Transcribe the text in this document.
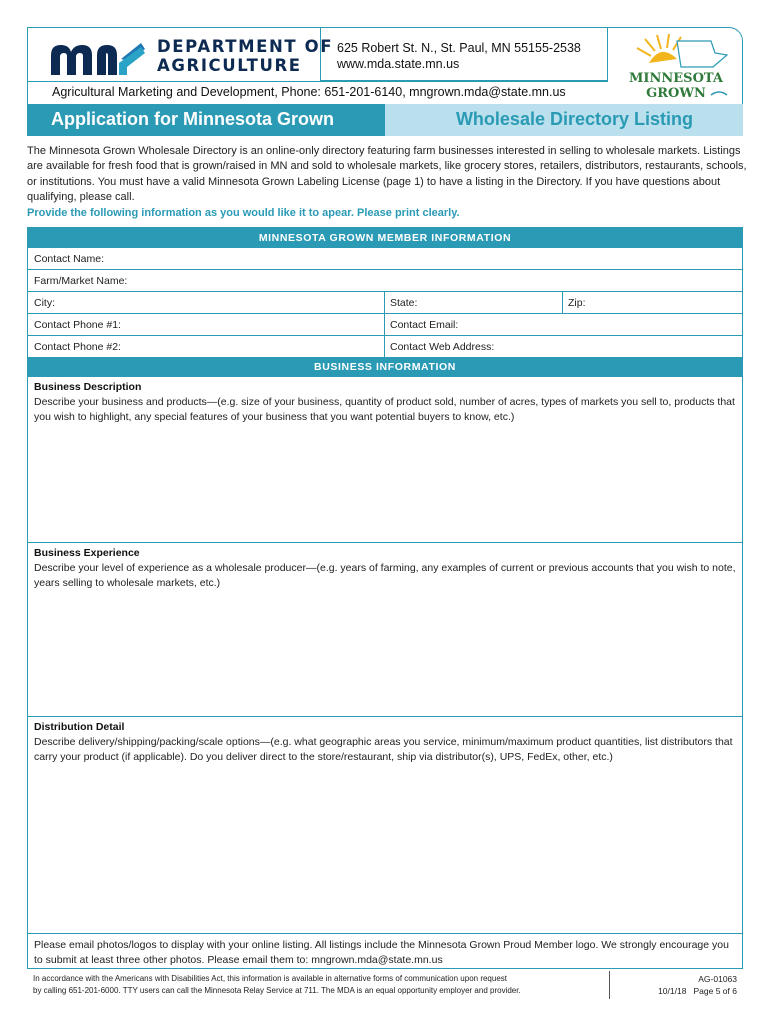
DEPARTMENT OF
AGRICULTURE
625 Robert St. N., St. Paul, MN 55155-2538
www.mda.state.mn.us
Agricultural Marketing and Development, Phone: 651-201-6140, mngrown.mda@state.mn.us
MINNESOTA
GROWN
Application for Minnesota Grown	Wholesale Directory Listing
The Minnesota Grown Wholesale Directory is an online-only directory featuring farm businesses interested in selling to wholesale markets. Listings are available for fresh food that is grown/raised in MN and sold to wholesale markets, like grocery stores, retailers, distributors, restaurants, schools, or institutions. You must have a valid Minnesota Grown Labeling License (page 1) to have a listing in the Directory. If you have questions about qualifying, please call.
Provide the following information as you would like it to apear. Please print clearly.
MINNESOTA GROWN MEMBER INFORMATION
Contact Name:
Farm/Market Name:
City:	State:	Zip:
Contact Phone #1:	Contact Email:
Contact Phone #2:	Contact Web Address:
BUSINESS INFORMATION
Business Description
Describe your business and products—(e.g. size of your business, quantity of product sold, number of acres, types of markets you sell to, products that you wish to highlight, any special features of your business that you want potential buyers to know, etc.)
Business Experience
Describe your level of experience as a wholesale producer—(e.g. years of farming, any examples of current or previous accounts that you wish to note, years selling to wholesale markets, etc.)
Distribution Detail
Describe delivery/shipping/packing/scale options—(e.g. what geographic areas you service, minimum/maximum product quantities, list distributors that carry your product (if applicable). Do you deliver direct to the store/restaurant, ship via distributor(s), UPS, FedEx, other, etc.)
Please email photos/logos to display with your online listing. All listings include the Minnesota Grown Proud Member logo. We strongly encourage you to submit at least three other photos. Please email them to: mngrown.mda@state.mn.us
In accordance with the Americans with Disabilities Act, this information is available in alternative forms of communication upon request
by calling 651-201-6000. TTY users can call the Minnesota Relay Service at 711. The MDA is an equal opportunity employer and provider.
AG-01063
10/1/18   Page 5 of 6
